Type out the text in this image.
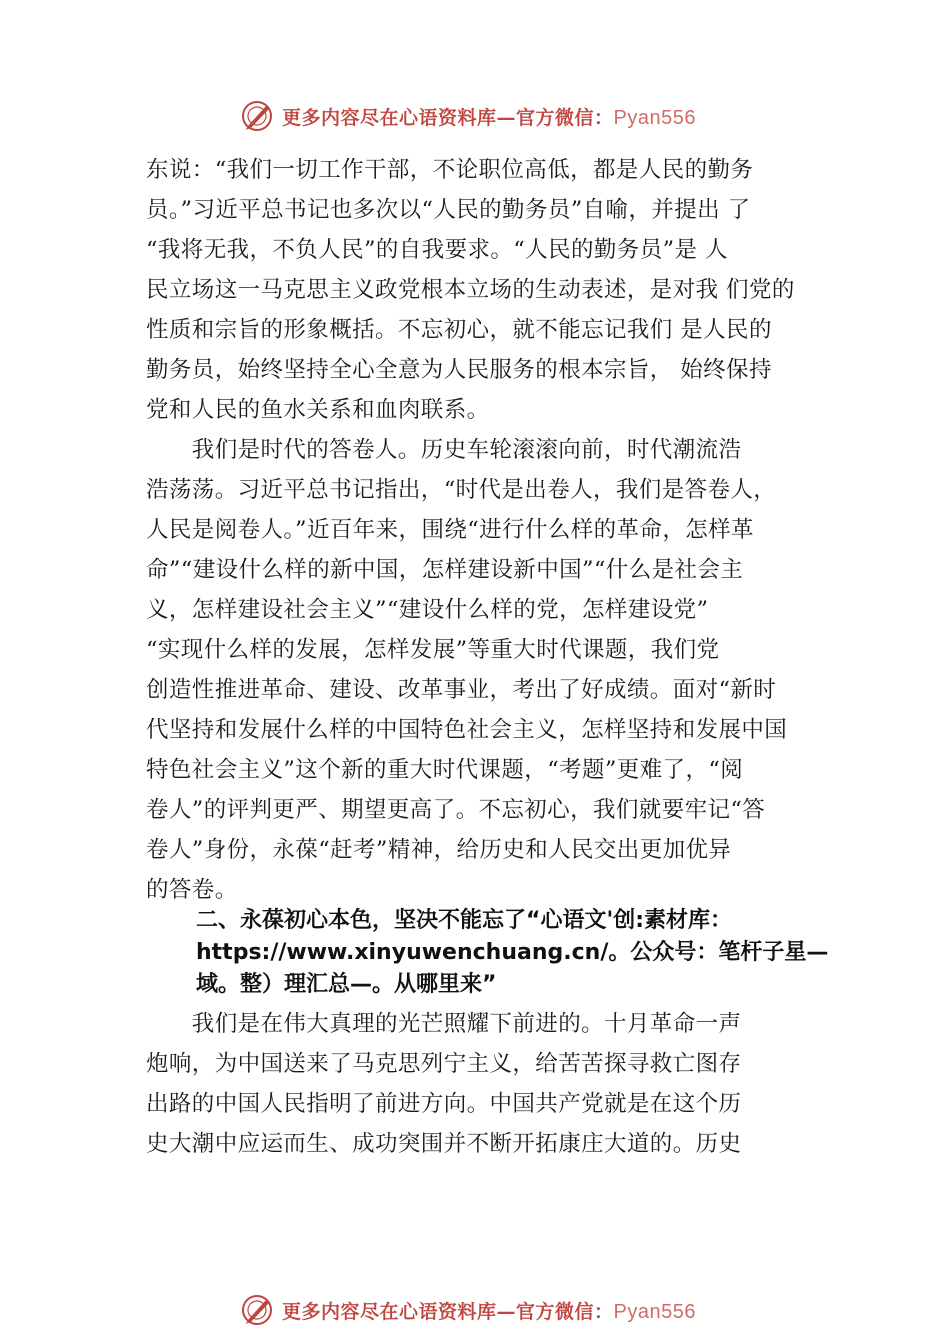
更多内容尽在心语资料库—官方微信：Pyan556
东说：“我们一切工作干部，不论职位高低，都是人民的勤务
员。”习近平总书记也多次以“人民的勤务员”自喻，并提出 了
“我将无我，不负人民”的自我要求。“人民的勤务员”是 人
民立场这一马克思主义政党根本立场的生动表述，是对我 们党的
性质和宗旨的形象概括。不忘初心，就不能忘记我们 是人民的
勤务员，始终坚持全心全意为人民服务的根本宗旨， 始终保持
党和人民的鱼水关系和血肉联系。
　　我们是时代的答卷人。历史车轮滚滚向前，时代潮流浩
浩荡荡。习近平总书记指出，“时代是出卷人，我们是答卷人，
人民是阅卷人。”近百年来，围绕“进行什么样的革命，怎样革
命”“建设什么样的新中国，怎样建设新中国”“什么是社会主
义，怎样建设社会主义”“建设什么样的党，怎样建设党”
“实现什么样的发展，怎样发展”等重大时代课题，我们党
创造性推进革命、建设、改革事业，考出了好成绩。面对“新时
代坚持和发展什么样的中国特色社会主义，怎样坚持和发展中国
特色社会主义”这个新的重大时代课题，“考题”更难了，“阅
卷人”的评判更严、期望更高了。不忘初心，我们就要牢记“答
卷人”身份，永葆“赶考”精神，给历史和人民交出更加优异
的答卷。
二、永葆初心本色，坚决不能忘了“心语文'创:素材库：
https://www.xinyuwenchuang.cn/。公众号：笔杆子星—
域。整）理汇总—。从哪里来”
　　我们是在伟大真理的光芒照耀下前进的。十月革命一声
炮响，为中国送来了马克思列宁主义，给苦苦探寻救亡图存
出路的中国人民指明了前进方向。中国共产党就是在这个历
史大潮中应运而生、成功突围并不断开拓康庄大道的。历史
更多内容尽在心语资料库—官方微信：Pyan556
